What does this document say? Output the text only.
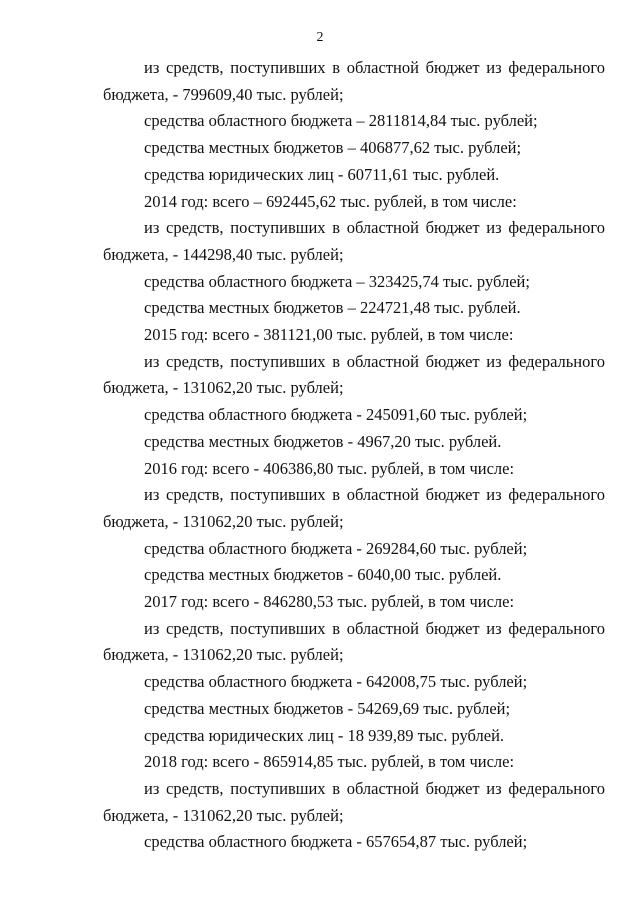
2

из средств, поступивших в областной бюджет из федерального

бюджета, - 799609,40 тыс. рублей;

средства областного бюджета – 2811814,84 тыс. рублей;

средства местных бюджетов – 406877,62 тыс. рублей;

средства юридических лиц - 60711,61 тыс. рублей.

2014 год: всего – 692445,62 тыс. рублей, в том числе:

из средств, поступивших в областной бюджет из федерального

бюджета, - 144298,40 тыс. рублей;

средства областного бюджета – 323425,74 тыс. рублей;

средства местных бюджетов – 224721,48 тыс. рублей.

2015 год: всего - 381121,00 тыс. рублей, в том числе:

из средств, поступивших в областной бюджет из федерального

бюджета, - 131062,20 тыс. рублей;

средства областного бюджета - 245091,60 тыс. рублей;

средства местных бюджетов - 4967,20 тыс. рублей.

2016 год: всего - 406386,80 тыс. рублей, в том числе:

из средств, поступивших в областной бюджет из федерального

бюджета, - 131062,20 тыс. рублей;

средства областного бюджета - 269284,60 тыс. рублей;

средства местных бюджетов - 6040,00 тыс. рублей.

2017 год: всего - 846280,53 тыс. рублей, в том числе:

из средств, поступивших в областной бюджет из федерального

бюджета, - 131062,20 тыс. рублей;

средства областного бюджета - 642008,75 тыс. рублей;

средства местных бюджетов - 54269,69 тыс. рублей;

средства юридических лиц - 18 939,89 тыс. рублей.

2018 год: всего - 865914,85 тыс. рублей, в том числе:

из средств, поступивших в областной бюджет из федерального

бюджета, - 131062,20 тыс. рублей;

средства областного бюджета - 657654,87 тыс. рублей;
